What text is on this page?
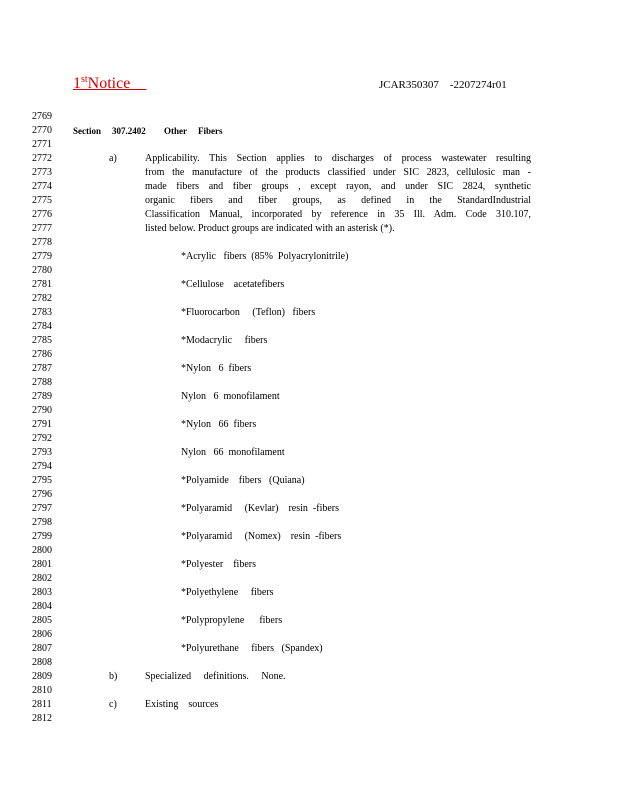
1stNotice	JCAR350307    -2207274r01
2769
2770
2771
2772
2773
2774
2775
2776
2777
2778
2779
2780
2781
2782
2783
2784
2785
2786
2787
2788
2789
2790
2791
2792
2793
2794
2795
2796
2797
2798
2799
2800
2801
2802
2803
2804
2805
2806
2807
2808
2809
2810
2811
2812
Section 307.2402 Other Fibers
a)	Applicability. This Section applies to discharges of process wastewater resulting
from the manufacture of the products classified under SIC 2823, cellulosic man -
made fibers and fiber groups , except rayon, and under SIC 2824, synthetic
organic fibers and fiber groups, as defined in the StandardIndustrial
Classification Manual, incorporated by reference in 35 Ill. Adm. Code 310.107,
listed below. Product groups are indicated with an asterisk (*).
*Acrylic   fibers  (85%  Polyacrylonitrile)
*Cellulose    acetatefibers
*Fluorocarbon     (Teflon)   fibers
*Modacrylic     fibers
*Nylon   6  fibers
Nylon   6  monofilament
*Nylon   66  fibers
Nylon   66  monofilament
*Polyamide    fibers   (Quiana)
*Polyaramid     (Kevlar)    resin  -fibers
*Polyaramid     (Nomex)    resin  -fibers
*Polyester    fibers
*Polyethylene     fibers
*Polypropylene      fibers
*Polyurethane     fibers   (Spandex)
b)	Specialized     definitions.     None.
c)	Existing    sources
